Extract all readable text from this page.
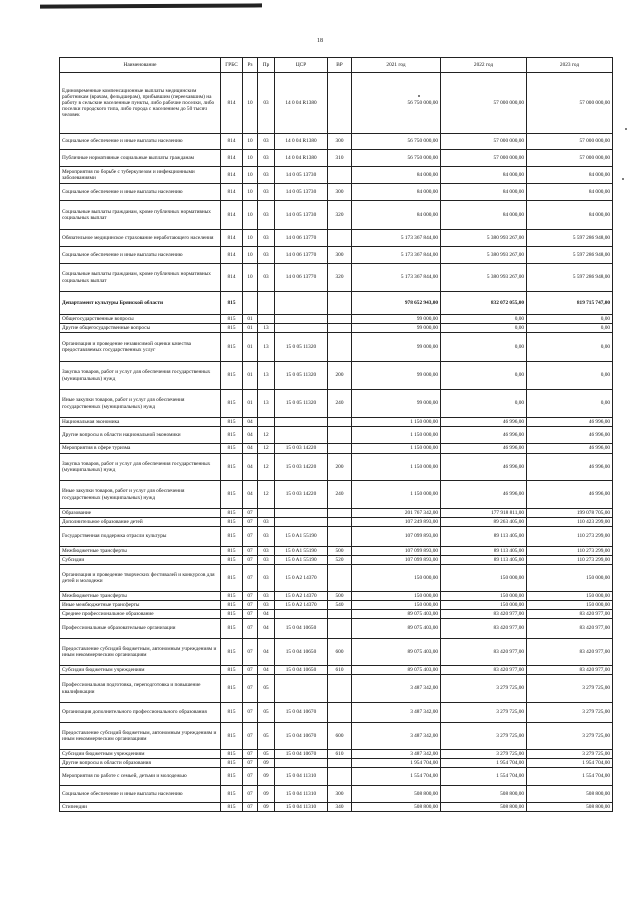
18
Наименование	ГРБС	Рз	Пр	ЦСР	ВР	2021 год	2022 год	2023 год
Единовременные компенсационные выплаты медицинским работникам (врачам, фельдшерам), прибывшим (переехавшим) на работу в сельские населенные пункты, либо рабочие поселки, либо поселки городского типа, либо города с населением до 50 тысяч человек	814	10	03	14 0 04 R1380		56 750 000,00	57 000 000,00	57 000 000,00
Социальное обеспечение и иные выплаты населению	814	10	03	14 0 04 R1380	300	56 750 000,00	57 000 000,00	57 000 000,00
Публичные нормативные социальные выплаты гражданам	814	10	03	14 0 04 R1380	310	56 750 000,00	57 000 000,00	57 000 000,00
Мероприятия по борьбе с туберкулезом и инфекционными заболеваниями	814	10	03	14 0 05 13730		84 000,00	84 000,00	84 000,00
Социальное обеспечение и иные выплаты населению	814	10	03	14 0 05 13730	300	84 000,00	84 000,00	84 000,00
Социальные выплаты гражданам, кроме публичных нормативных социальных выплат	814	10	03	14 0 05 13730	320	84 000,00	84 000,00	84 000,00
Обязательное медицинское страхование неработающего населения	814	10	03	14 0 06 13770		5 173 367 844,00	5 380 993 267,00	5 597 286 948,00
Социальное обеспечение и иные выплаты населению	814	10	03	14 0 06 13770	300	5 173 367 844,00	5 380 993 267,00	5 597 286 948,00
Социальные выплаты гражданам, кроме публичных нормативных социальных выплат	814	10	03	14 0 06 13770	320	5 173 367 844,00	5 380 993 267,00	5 597 286 948,00
Департамент культуры Брянской области	815					978 652 943,00	832 072 055,00	819 715 747,00
Общегосударственные вопросы	815	01				99 000,00	0,00	0,00
Другие общегосударственные вопросы	815	01	13			99 000,00	0,00	0,00
Организация и проведение независимой оценки качества предоставляемых государственных услуг	815	01	13	15 0 05 11320		99 000,00	0,00	0,00
Закупка товаров, работ и услуг для обеспечения государственных (муниципальных) нужд	815	01	13	15 0 05 11320	200	99 000,00	0,00	0,00
Иные закупки товаров, работ и услуг для обеспечения государственных (муниципальных) нужд	815	01	13	15 0 05 11320	240	99 000,00	0,00	0,00
Национальная экономика	815	04				1 150 000,00	46 996,00	46 996,00
Другие вопросы в области национальной экономики	815	04	12			1 150 000,00	46 996,00	46 996,00
Мероприятия в сфере туризма	815	04	12	15 0 03 14220		1 150 000,00	46 996,00	46 996,00
Закупка товаров, работ и услуг для обеспечения государственных (муниципальных) нужд	815	04	12	15 0 03 14220	200	1 150 000,00	46 996,00	46 996,00
Иные закупки товаров, работ и услуг для обеспечения государственных (муниципальных) нужд	815	04	12	15 0 03 14220	240	1 150 000,00	46 996,00	46 996,00
Образование	815	07				201 767 342,00	177 918 811,00	199 078 705,00
Дополнительное образование детей	815	07	03			107 249 893,00	89 263 405,00	110 423 299,00
Государственная поддержка отрасли культуры	815	07	03	15 0 A1 55190		107 099 893,00	89 113 405,00	110 273 299,00
Межбюджетные трансферты	815	07	03	15 0 A1 55190	500	107 099 893,00	89 113 405,00	110 273 299,00
Субсидии	815	07	03	15 0 A1 55190	520	107 099 893,00	89 113 405,00	110 273 299,00
Организация и проведение творческих фестивалей и конкурсов для детей и молодежи	815	07	03	15 0 A2 14370		150 000,00	150 000,00	150 000,00
Межбюджетные трансферты	815	07	03	15 0 A2 14370	500	150 000,00	150 000,00	150 000,00
Иные межбюджетные трансферты	815	07	03	15 0 A2 14370	540	150 000,00	150 000,00	150 000,00
Среднее профессиональное образование	815	07	04			89 075 403,00	83 420 977,00	83 420 977,00
Профессиональные образовательные организации	815	07	04	15 0 04 10650		89 075 403,00	83 420 977,00	83 420 977,00
Предоставление субсидий бюджетным, автономным учреждениям и иным некоммерческим организациям	815	07	04	15 0 04 10650	600	89 075 403,00	83 420 977,00	83 420 977,00
Субсидии бюджетным учреждениям	815	07	04	15 0 04 10650	610	89 075 403,00	83 420 977,00	83 420 977,00
Профессиональная подготовка, переподготовка и повышение квалификации	815	07	05			3 487 342,00	3 279 725,00	3 279 725,00
Организация дополнительного профессионального образования	815	07	05	15 0 04 10670		3 487 342,00	3 279 725,00	3 279 725,00
Предоставление субсидий бюджетным, автономным учреждениям и иным некоммерческим организациям	815	07	05	15 0 04 10670	600	3 487 342,00	3 279 725,00	3 279 725,00
Субсидии бюджетным учреждениям	815	07	05	15 0 04 10670	610	3 487 342,00	3 279 725,00	3 279 725,00
Другие вопросы в области образования	815	07	09			1 954 704,00	1 954 704,00	1 954 704,00
Мероприятия по работе с семьей, детьми и молодежью	815	07	09	15 0 04 11310		1 554 704,00	1 554 704,00	1 554 704,00
Социальное обеспечение и иные выплаты населению	815	07	09	15 0 04 11310	300	508 800,00	508 800,00	508 800,00
Стипендии	815	07	09	15 0 04 11310	340	508 800,00	508 800,00	508 800,00
